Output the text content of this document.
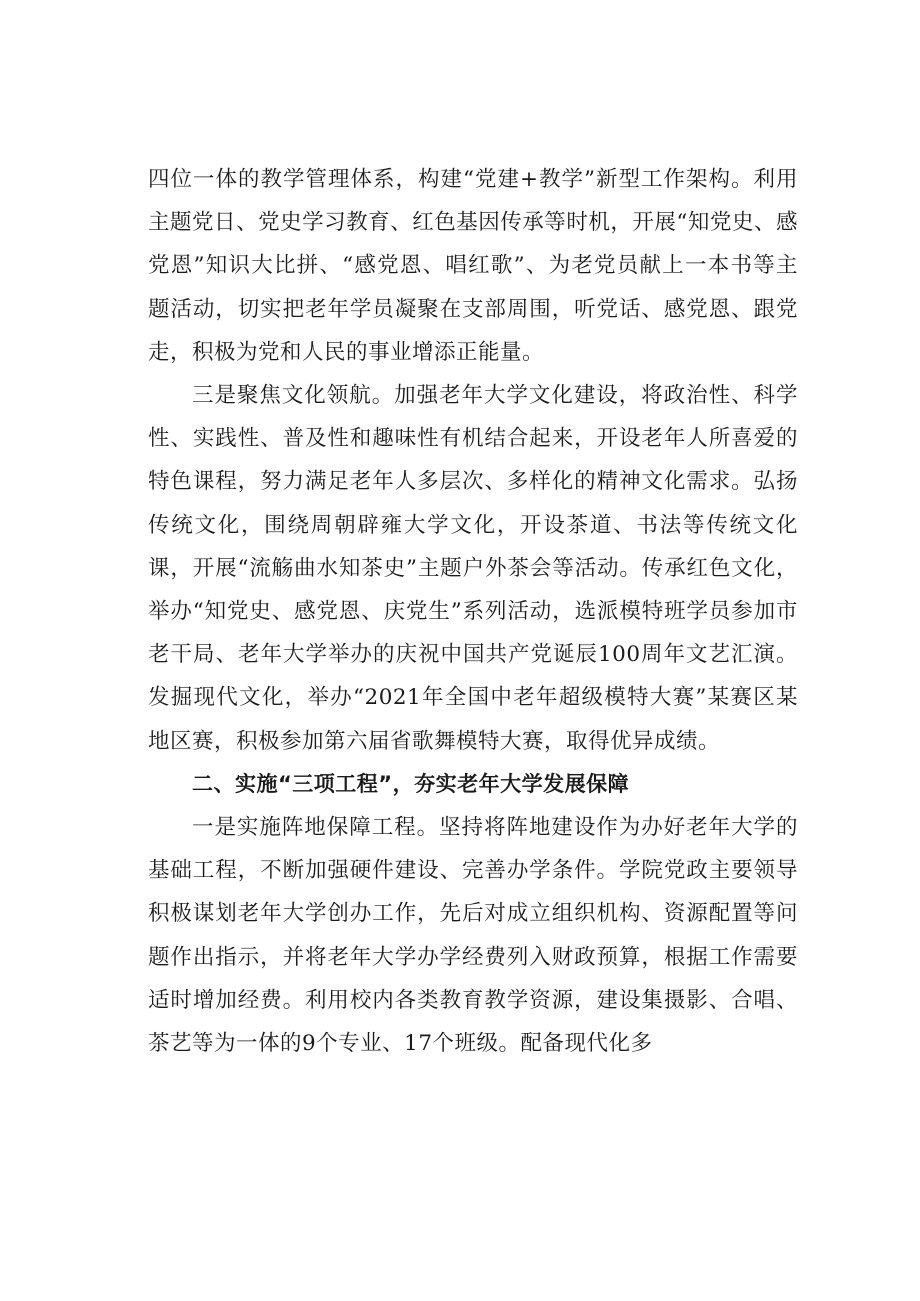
四位一体的教学管理体系，构建“党建+教学”新型工作架构。利用主题党日、党史学习教育、红色基因传承等时机，开展“知党史、感党恩”知识大比拼、“感党恩、唱红歌”、为老党员献上一本书等主题活动，切实把老年学员凝聚在支部周围，听党话、感党恩、跟党走，积极为党和人民的事业增添正能量。

三是聚焦文化领航。加强老年大学文化建设，将政治性、科学性、实践性、普及性和趣味性有机结合起来，开设老年人所喜爱的特色课程，努力满足老年人多层次、多样化的精神文化需求。弘扬传统文化，围绕周朝辟雍大学文化，开设茶道、书法等传统文化课，开展“流觞曲水知茶史”主题户外茶会等活动。传承红色文化，举办“知党史、感党恩、庆党生”系列活动，选派模特班学员参加市老干局、老年大学举办的庆祝中国共产党诞辰100周年文艺汇演。发掘现代文化，举办“2021年全国中老年超级模特大赛”某赛区某地区赛，积极参加第六届省歌舞模特大赛，取得优异成绩。

二、实施“三项工程”，夯实老年大学发展保障

一是实施阵地保障工程。坚持将阵地建设作为办好老年大学的基础工程，不断加强硬件建设、完善办学条件。学院党政主要领导积极谋划老年大学创办工作，先后对成立组织机构、资源配置等问题作出指示，并将老年大学办学经费列入财政预算，根据工作需要适时增加经费。利用校内各类教育教学资源，建设集摄影、合唱、茶艺等为一体的9个专业、17个班级。配备现代化多
